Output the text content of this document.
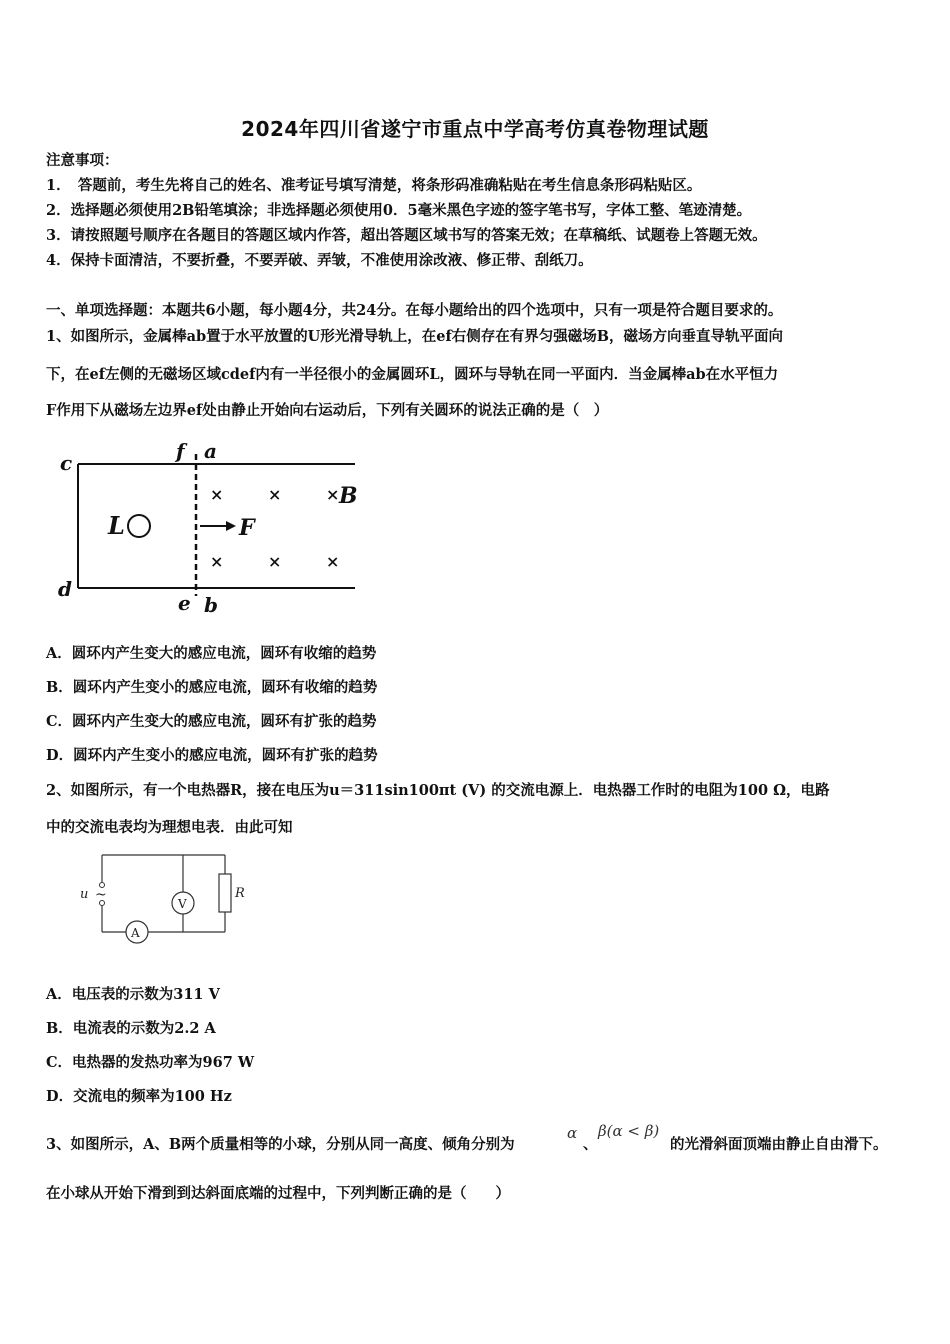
2024年四川省遂宁市重点中学高考仿真卷物理试题
注意事项：
1．　答题前，考生先将自己的姓名、准考证号填写清楚，将条形码准确粘贴在考生信息条形码粘贴区。
2．选择题必须使用2B铅笔填涂；非选择题必须使用0．5毫米黑色字迹的签字笔书写，字体工整、笔迹清楚。
3．请按照题号顺序在各题目的答题区域内作答，超出答题区域书写的答案无效；在草稿纸、试题卷上答题无效。
4．保持卡面清洁，不要折叠，不要弄破、弄皱，不准使用涂改液、修正带、刮纸刀。
一、单项选择题：本题共6小题，每小题4分，共24分。在每小题给出的四个选项中，只有一项是符合题目要求的。
1、如图所示，金属棒ab置于水平放置的U形光滑导轨上，在ef右侧存在有界匀强磁场B，磁场方向垂直导轨平面向
下，在ef左侧的无磁场区域cdef内有一半径很小的金属圆环L，圆环与导轨在同一平面内．当金属棒ab在水平恒力
F作用下从磁场左边界ef处由静止开始向右运动后，下列有关圆环的说法正确的是（　）
c	f a
d
e b
L	F
B
×	×	×
×	×	×
A．圆环内产生变大的感应电流，圆环有收缩的趋势
B．圆环内产生变小的感应电流，圆环有收缩的趋势
C．圆环内产生变大的感应电流，圆环有扩张的趋势
D．圆环内产生变小的感应电流，圆环有扩张的趋势
2、如图所示，有一个电热器R，接在电压为u＝311sin100πt (V) 的交流电源上．电热器工作时的电阻为100 Ω，电路
中的交流电表均为理想电表．由此可知
u ~
V
A
R
A．电压表的示数为311 V
B．电流表的示数为2.2 A
C．电热器的发热功率为967 W
D．交流电的频率为100 Hz
3、如图所示，A、B两个质量相等的小球，分别从同一高度、倾角分别为
α
、
β(α < β)
的光滑斜面顶端由静止自由滑下。
在小球从开始下滑到到达斜面底端的过程中，下列判断正确的是（　　）
